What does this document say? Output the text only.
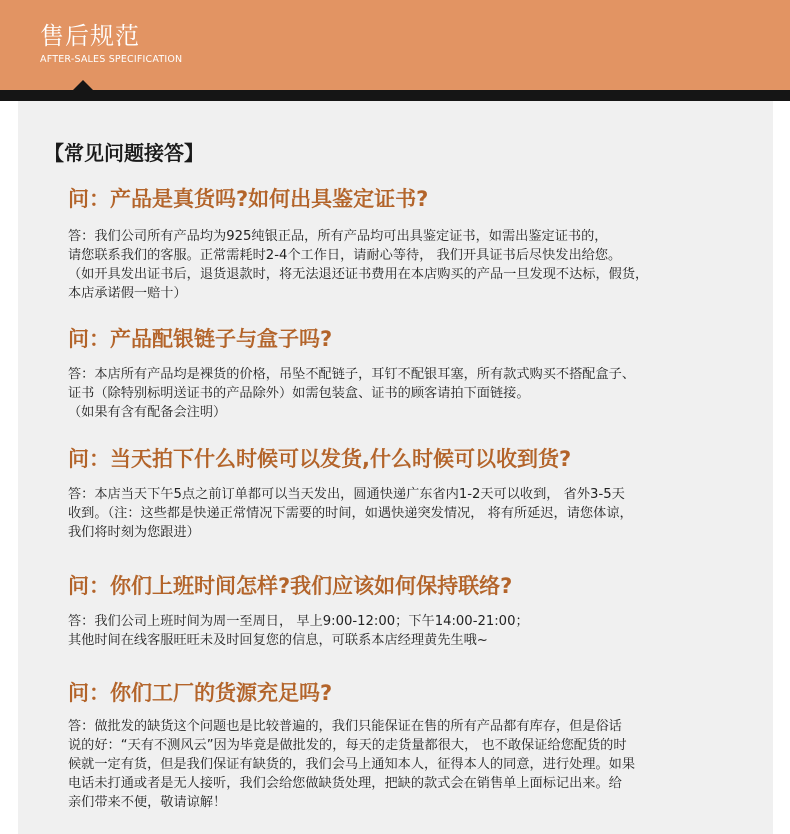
售后规范
AFTER-SALES SPECIFICATION
【常见问题接答】
问：产品是真货吗?如何出具鉴定证书?
答：我们公司所有产品均为925纯银正品，所有产品均可出具鉴定证书，如需出鉴定证书的，
请您联系我们的客服。正常需耗时2-4个工作日，请耐心等待， 我们开具证书后尽快发出给您。
（如开具发出证书后，退货退款时，将无法退还证书费用在本店购买的产品一旦发现不达标，假货，
本店承诺假一赔十）
问：产品配银链子与盒子吗?
答：本店所有产品均是裸货的价格，吊坠不配链子，耳钉不配银耳塞，所有款式购买不搭配盒子、
证书（除特别标明送证书的产品除外）如需包装盒、证书的顾客请拍下面链接。
（如果有含有配备会注明）
问：当天拍下什么时候可以发货,什么时候可以收到货?
答：本店当天下午5点之前订单都可以当天发出，圆通快递广东省内1-2天可以收到， 省外3-5天
收到。（注：这些都是快递正常情况下需要的时间，如遇快递突发情况， 将有所延迟，请您体谅，
我们将时刻为您跟进）
问：你们上班时间怎样?我们应该如何保持联络?
答：我们公司上班时间为周一至周日， 早上9:00-12:00；下午14:00-21:00；
其他时间在线客服旺旺未及时回复您的信息，可联系本店经理黄先生哦~
问：你们工厂的货源充足吗?
答：做批发的缺货这个问题也是比较普遍的，我们只能保证在售的所有产品都有库存，但是俗话
说的好：“天有不测风云”因为毕竟是做批发的，每天的走货量都很大， 也不敢保证给您配货的时
候就一定有货，但是我们保证有缺货的，我们会马上通知本人，征得本人的同意，进行处理。如果
电话未打通或者是无人接听，我们会给您做缺货处理，把缺的款式会在销售单上面标记出来。给
亲们带来不便，敬请谅解！
